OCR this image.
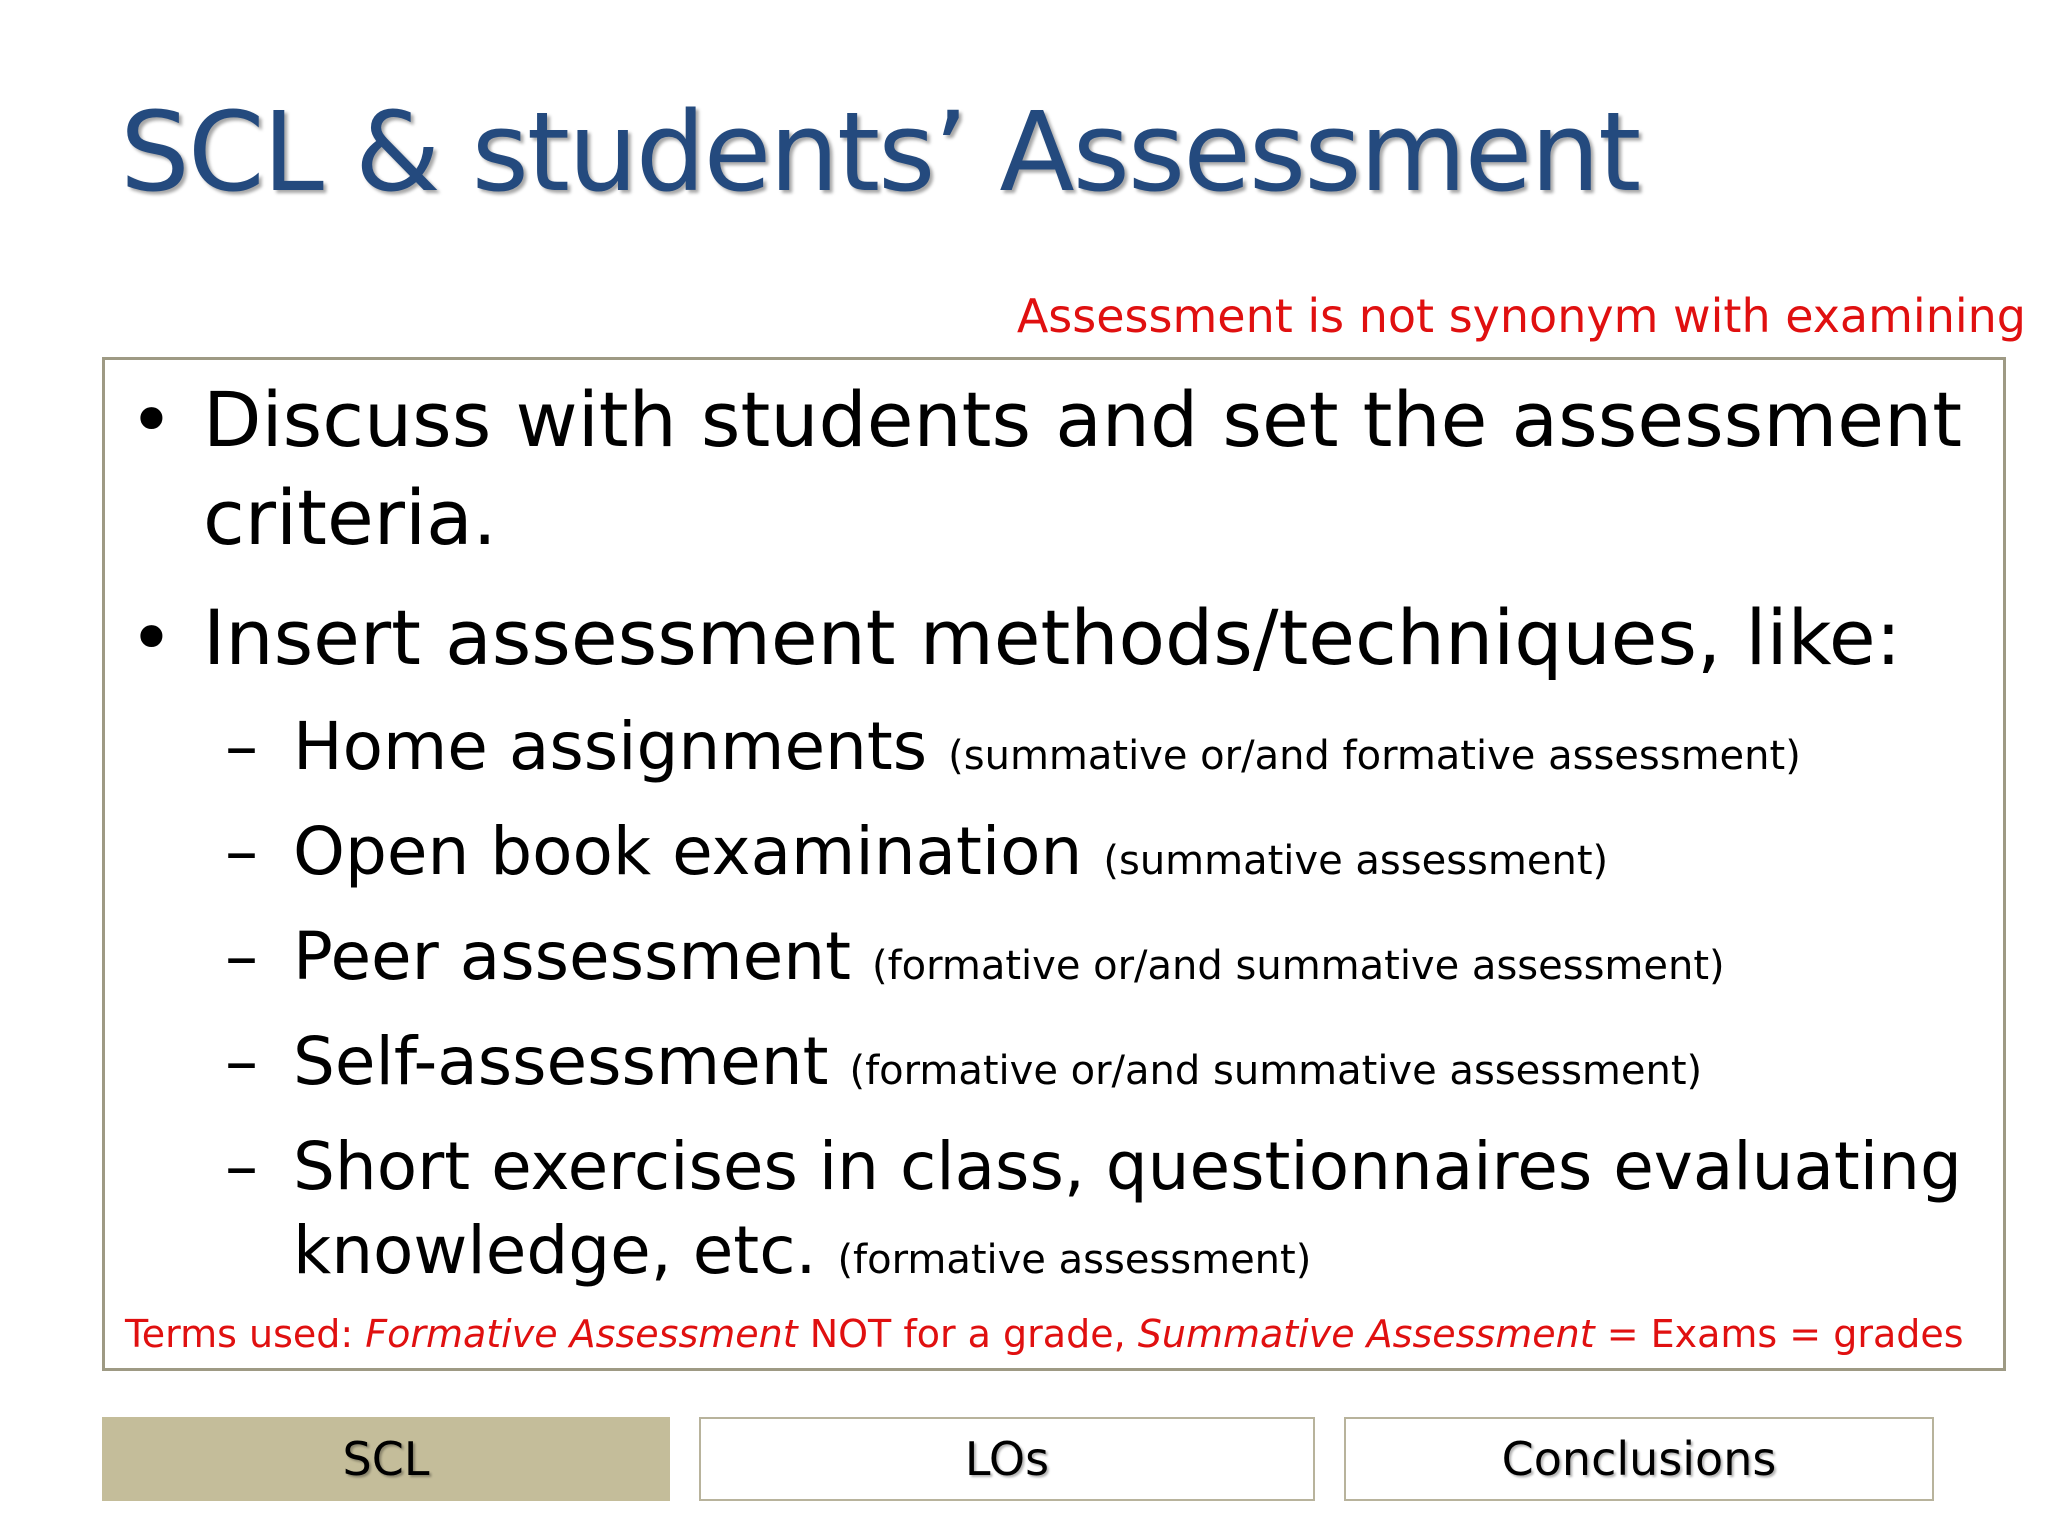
SCL & students’ Assessment
Assessment is not synonym with examining
• Discuss with students and set the assessment
criteria.
• Insert assessment methods/techniques, like:
– Home assignments (summative or/and formative assessment)
– Open book examination (summative assessment)
– Peer assessment (formative or/and summative assessment)
– Self-assessment (formative or/and summative assessment)
– Short exercises in class, questionnaires evaluating
knowledge, etc. (formative assessment)
Terms used: Formative Assessment NOT for a grade, Summative Assessment = Exams = grades
SCL	LOs	Conclusions
